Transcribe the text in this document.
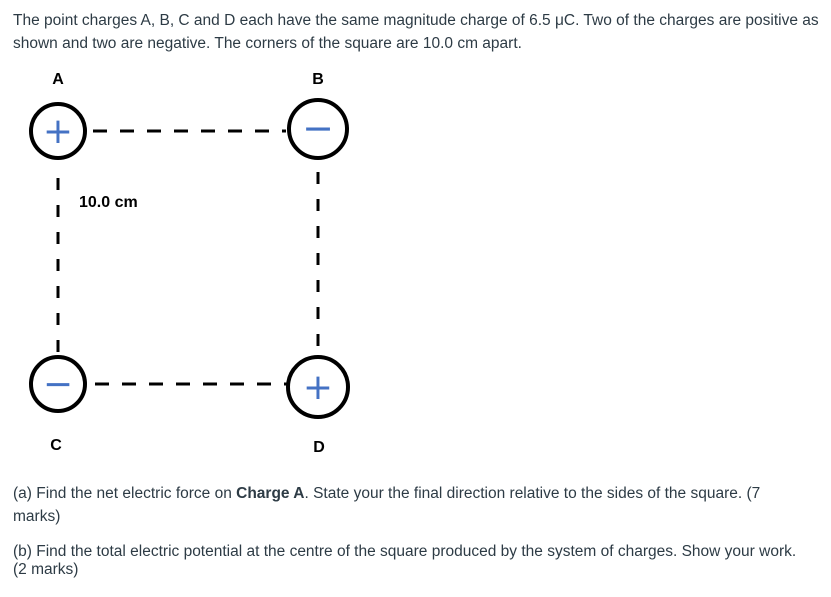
The point charges A, B, C and D each have the same magnitude charge of 6.5 μC. Two of the charges are positive as shown and two are negative. The corners of the square are 10.0 cm apart.

A	B
C	D
10.0 cm
+	−
−	+

(a) Find the net electric force on Charge A. State your the final direction relative to the sides of the square. (7 marks)

(b) Find the total electric potential at the centre of the square produced by the system of charges. Show your work. (2 marks)
